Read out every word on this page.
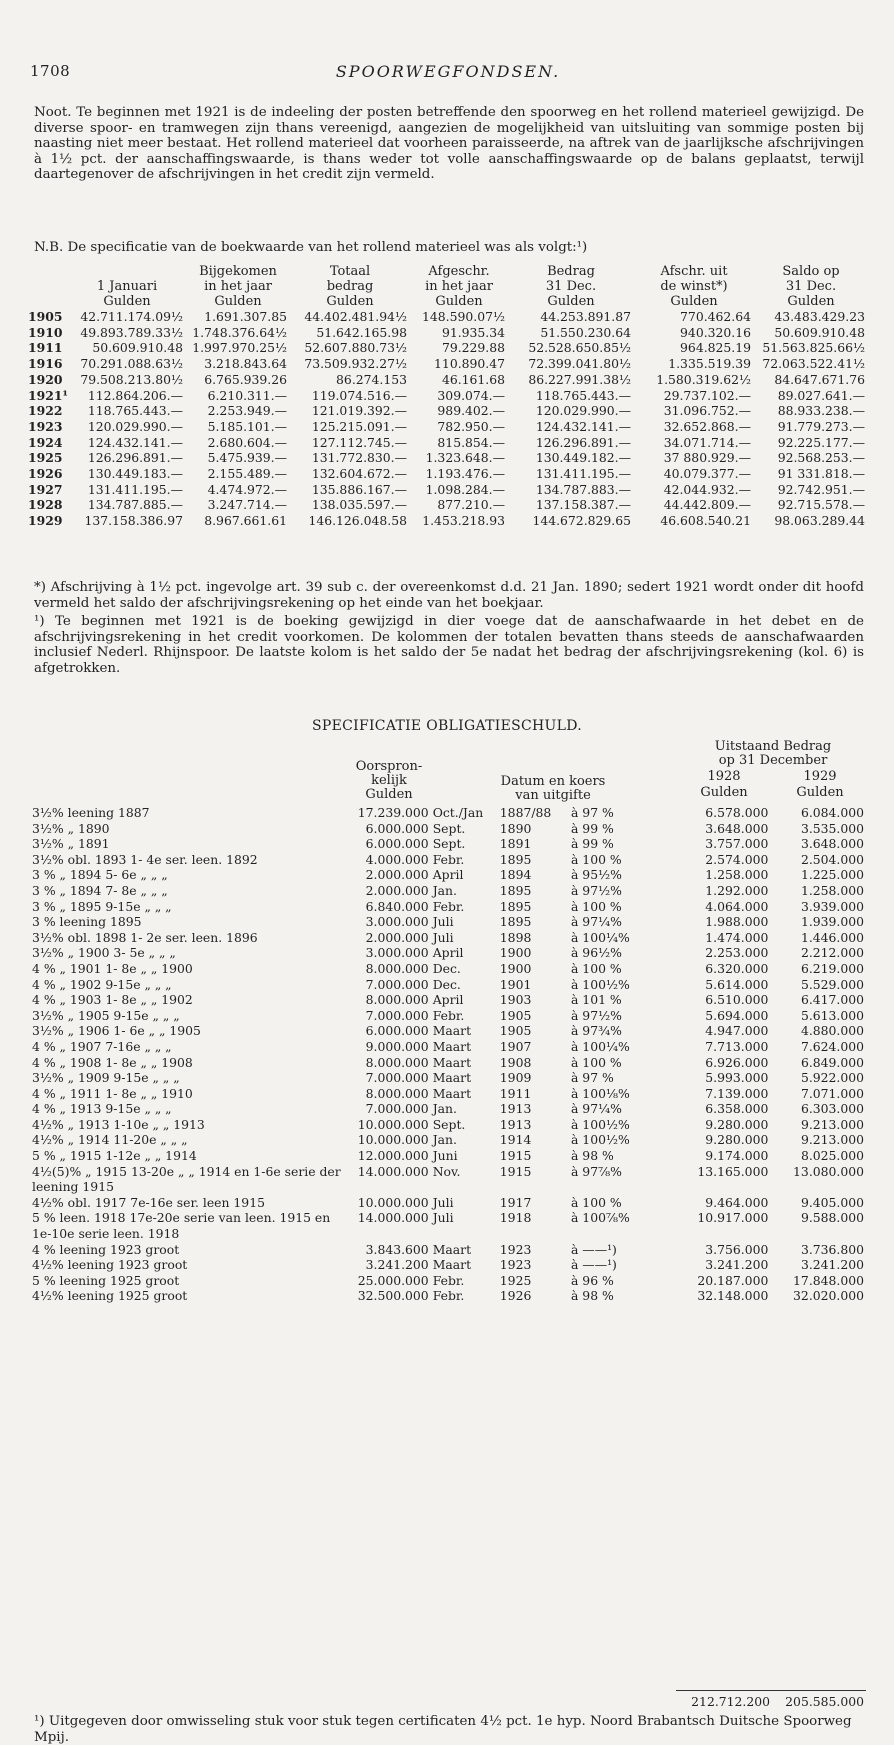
1708	SPOORWEGFONDSEN.

Noot. Te beginnen met 1921 is de indeeling der posten betreffende den spoorweg en het rollend materieel gewijzigd. De diverse spoor- en tramwegen zijn thans vereenigd, aangezien de mogelijkheid van uitsluiting van sommige posten bij naasting niet meer bestaat. Het rollend materieel dat voorheen paraisseerde, na aftrek van de jaarlijksche afschrijvingen à 1½ pct. der aanschaffingswaarde, is thans weder tot volle aanschaffingswaarde op de balans geplaatst, terwijl daartegenover de afschrijvingen in het credit zijn vermeld.

N.B. De specificatie van de boekwaarde van het rollend materieel was als volgt:¹)
		Bijgekomen	Totaal	Afgeschr.	Bedrag	Afschr. uit	Saldo op
	1 Januari	in het jaar	bedrag	in het jaar	31 Dec.	de winst*)	31 Dec.
	Gulden	Gulden	Gulden	Gulden	Gulden	Gulden	Gulden
1905	42.711.174.09½	1.691.307.85	44.402.481.94½	148.590.07½	44.253.891.87	770.462.64	43.483.429.23
1910	49.893.789.33½	1.748.376.64½	51.642.165.98	91.935.34	51.550.230.64	940.320.16	50.609.910.48
1911	50.609.910.48	1.997.970.25½	52.607.880.73½	79.229.88	52.528.650.85½	964.825.19	51.563.825.66½
1916	70.291.088.63½	3.218.843.64	73.509.932.27½	110.890.47	72.399.041.80½	1.335.519.39	72.063.522.41½
1920	79.508.213.80½	6.765.939.26	86.274.153	46.161.68	86.227.991.38½	1.580.319.62½	84.647.671.76
1921¹	112.864.206.—	6.210.311.—	119.074.516.—	309.074.—	118.765.443.—	29.737.102.—	89.027.641.—
1922	118.765.443.—	2.253.949.—	121.019.392.—	989.402.—	120.029.990.—	31.096.752.—	88.933.238.—
1923	120.029.990.—	5.185.101.—	125.215.091.—	782.950.—	124.432.141.—	32.652.868.—	91.779.273.—
1924	124.432.141.—	2.680.604.—	127.112.745.—	815.854.—	126.296.891.—	34.071.714.—	92.225.177.—
1925	126.296.891.—	5.475.939.—	131.772.830.—	1.323.648.—	130.449.182.—	37 880.929.—	92.568.253.—
1926	130.449.183.—	2.155.489.—	132.604.672.—	1.193.476.—	131.411.195.—	40.079.377.—	91 331.818.—
1927	131.411.195.—	4.474.972.—	135.886.167.—	1.098.284.—	134.787.883.—	42.044.932.—	92.742.951.—
1928	134.787.885.—	3.247.714.—	138.035.597.—	877.210.—	137.158.387.—	44.442.809.—	92.715.578.—
1929	137.158.386.97	8.967.661.61	146.126.048.58	1.453.218.93	144.672.829.65	46.608.540.21	98.063.289.44

*) Afschrijving à 1½ pct. ingevolge art. 39 sub c. der overeenkomst d.d. 21 Jan. 1890; sedert 1921 wordt onder dit hoofd vermeld het saldo der afschrijvingsrekening op het einde van het boekjaar.

¹) Te beginnen met 1921 is de boeking gewijzigd in dier voege dat de aanschafwaarde in het debet en de afschrijvingsrekening in het credit voorkomen. De kolommen der totalen bevatten thans steeds de aanschafwaarden inclusief Nederl. Rhijnspoor. De laatste kolom is het saldo der 5e nadat het bedrag der afschrijvingsrekening (kol. 6) is afgetrokken.

SPECIFICATIE OBLIGATIESCHULD.
Oorspron-
kelijk
Gulden
Datum en koers
van uitgifte
Uitstaand Bedrag
op 31 December
1928	1929
Gulden	Gulden
3½% leening 1887	17.239.000	Oct./Jan	1887/88	à 97 %	6.578.000	6.084.000
3½% „ 1890	6.000.000	Sept.	1890	à 99 %	3.648.000	3.535.000
3½% „ 1891	6.000.000	Sept.	1891	à 99 %	3.757.000	3.648.000
3½% obl. 1893 1- 4e ser. leen. 1892	4.000.000	Febr.	1895	à 100 %	2.574.000	2.504.000
3 % „ 1894 5- 6e „ „ „	2.000.000	April	1894	à 95½%	1.258.000	1.225.000
3 % „ 1894 7- 8e „ „ „	2.000.000	Jan.	1895	à 97½%	1.292.000	1.258.000
3 % „ 1895 9-15e „ „ „	6.840.000	Febr.	1895	à 100 %	4.064.000	3.939.000
3 % leening 1895	3.000.000	Juli	1895	à 97¼%	1.988.000	1.939.000
3½% obl. 1898 1- 2e ser. leen. 1896	2.000.000	Juli	1898	à 100¼%	1.474.000	1.446.000
3½% „ 1900 3- 5e „ „ „	3.000.000	April	1900	à 96½%	2.253.000	2.212.000
4 % „ 1901 1- 8e „ „ 1900	8.000.000	Dec.	1900	à 100 %	6.320.000	6.219.000
4 % „ 1902 9-15e „ „ „	7.000.000	Dec.	1901	à 100½%	5.614.000	5.529.000
4 % „ 1903 1- 8e „ „ 1902	8.000.000	April	1903	à 101 %	6.510.000	6.417.000
3½% „ 1905 9-15e „ „ „	7.000.000	Febr.	1905	à 97½%	5.694.000	5.613.000
3½% „ 1906 1- 6e „ „ 1905	6.000.000	Maart	1905	à 97¾%	4.947.000	4.880.000
4 % „ 1907 7-16e „ „ „	9.000.000	Maart	1907	à 100¼%	7.713.000	7.624.000
4 % „ 1908 1- 8e „ „ 1908	8.000.000	Maart	1908	à 100 %	6.926.000	6.849.000
3½% „ 1909 9-15e „ „ „	7.000.000	Maart	1909	à 97 %	5.993.000	5.922.000
4 % „ 1911 1- 8e „ „ 1910	8.000.000	Maart	1911	à 100⅛%	7.139.000	7.071.000
4 % „ 1913 9-15e „ „ „	7.000.000	Jan.	1913	à 97¼%	6.358.000	6.303.000
4½% „ 1913 1-10e „ „ 1913	10.000.000	Sept.	1913	à 100½%	9.280.000	9.213.000
4½% „ 1914 11-20e „ „ „	10.000.000	Jan.	1914	à 100½%	9.280.000	9.213.000
5 % „ 1915 1-12e „ „ 1914	12.000.000	Juni	1915	à 98 %	9.174.000	8.025.000
4½(5)% „ 1915 13-20e „ „ 1914 en 1-6e serie der leening 1915	14.000.000	Nov.	1915	à 97⅞%	13.165.000	13.080.000
4½% obl. 1917 7e-16e ser. leen 1915	10.000.000	Juli	1917	à 100 %	9.464.000	9.405.000
5 % leen. 1918 17e-20e serie van leen. 1915 en 1e-10e serie leen. 1918	14.000.000	Juli	1918	à 100⅞%	10.917.000	9.588.000
4 % leening 1923 groot	3.843.600	Maart	1923	à ——¹)	3.756.000	3.736.800
4½% leening 1923 groot	3.241.200	Maart	1923	à ——¹)	3.241.200	3.241.200
5 % leening 1925 groot	25.000.000	Febr.	1925	à 96 %	20.187.000	17.848.000
4½% leening 1925 groot	32.500.000	Febr.	1926	à 98 %	32.148.000	32.020.000
212.712.200 205.585.000

¹) Uitgegeven door omwisseling stuk voor stuk tegen certificaten 4½ pct. 1e hyp. Noord Brabantsch Duitsche Spoorweg Mpij.
